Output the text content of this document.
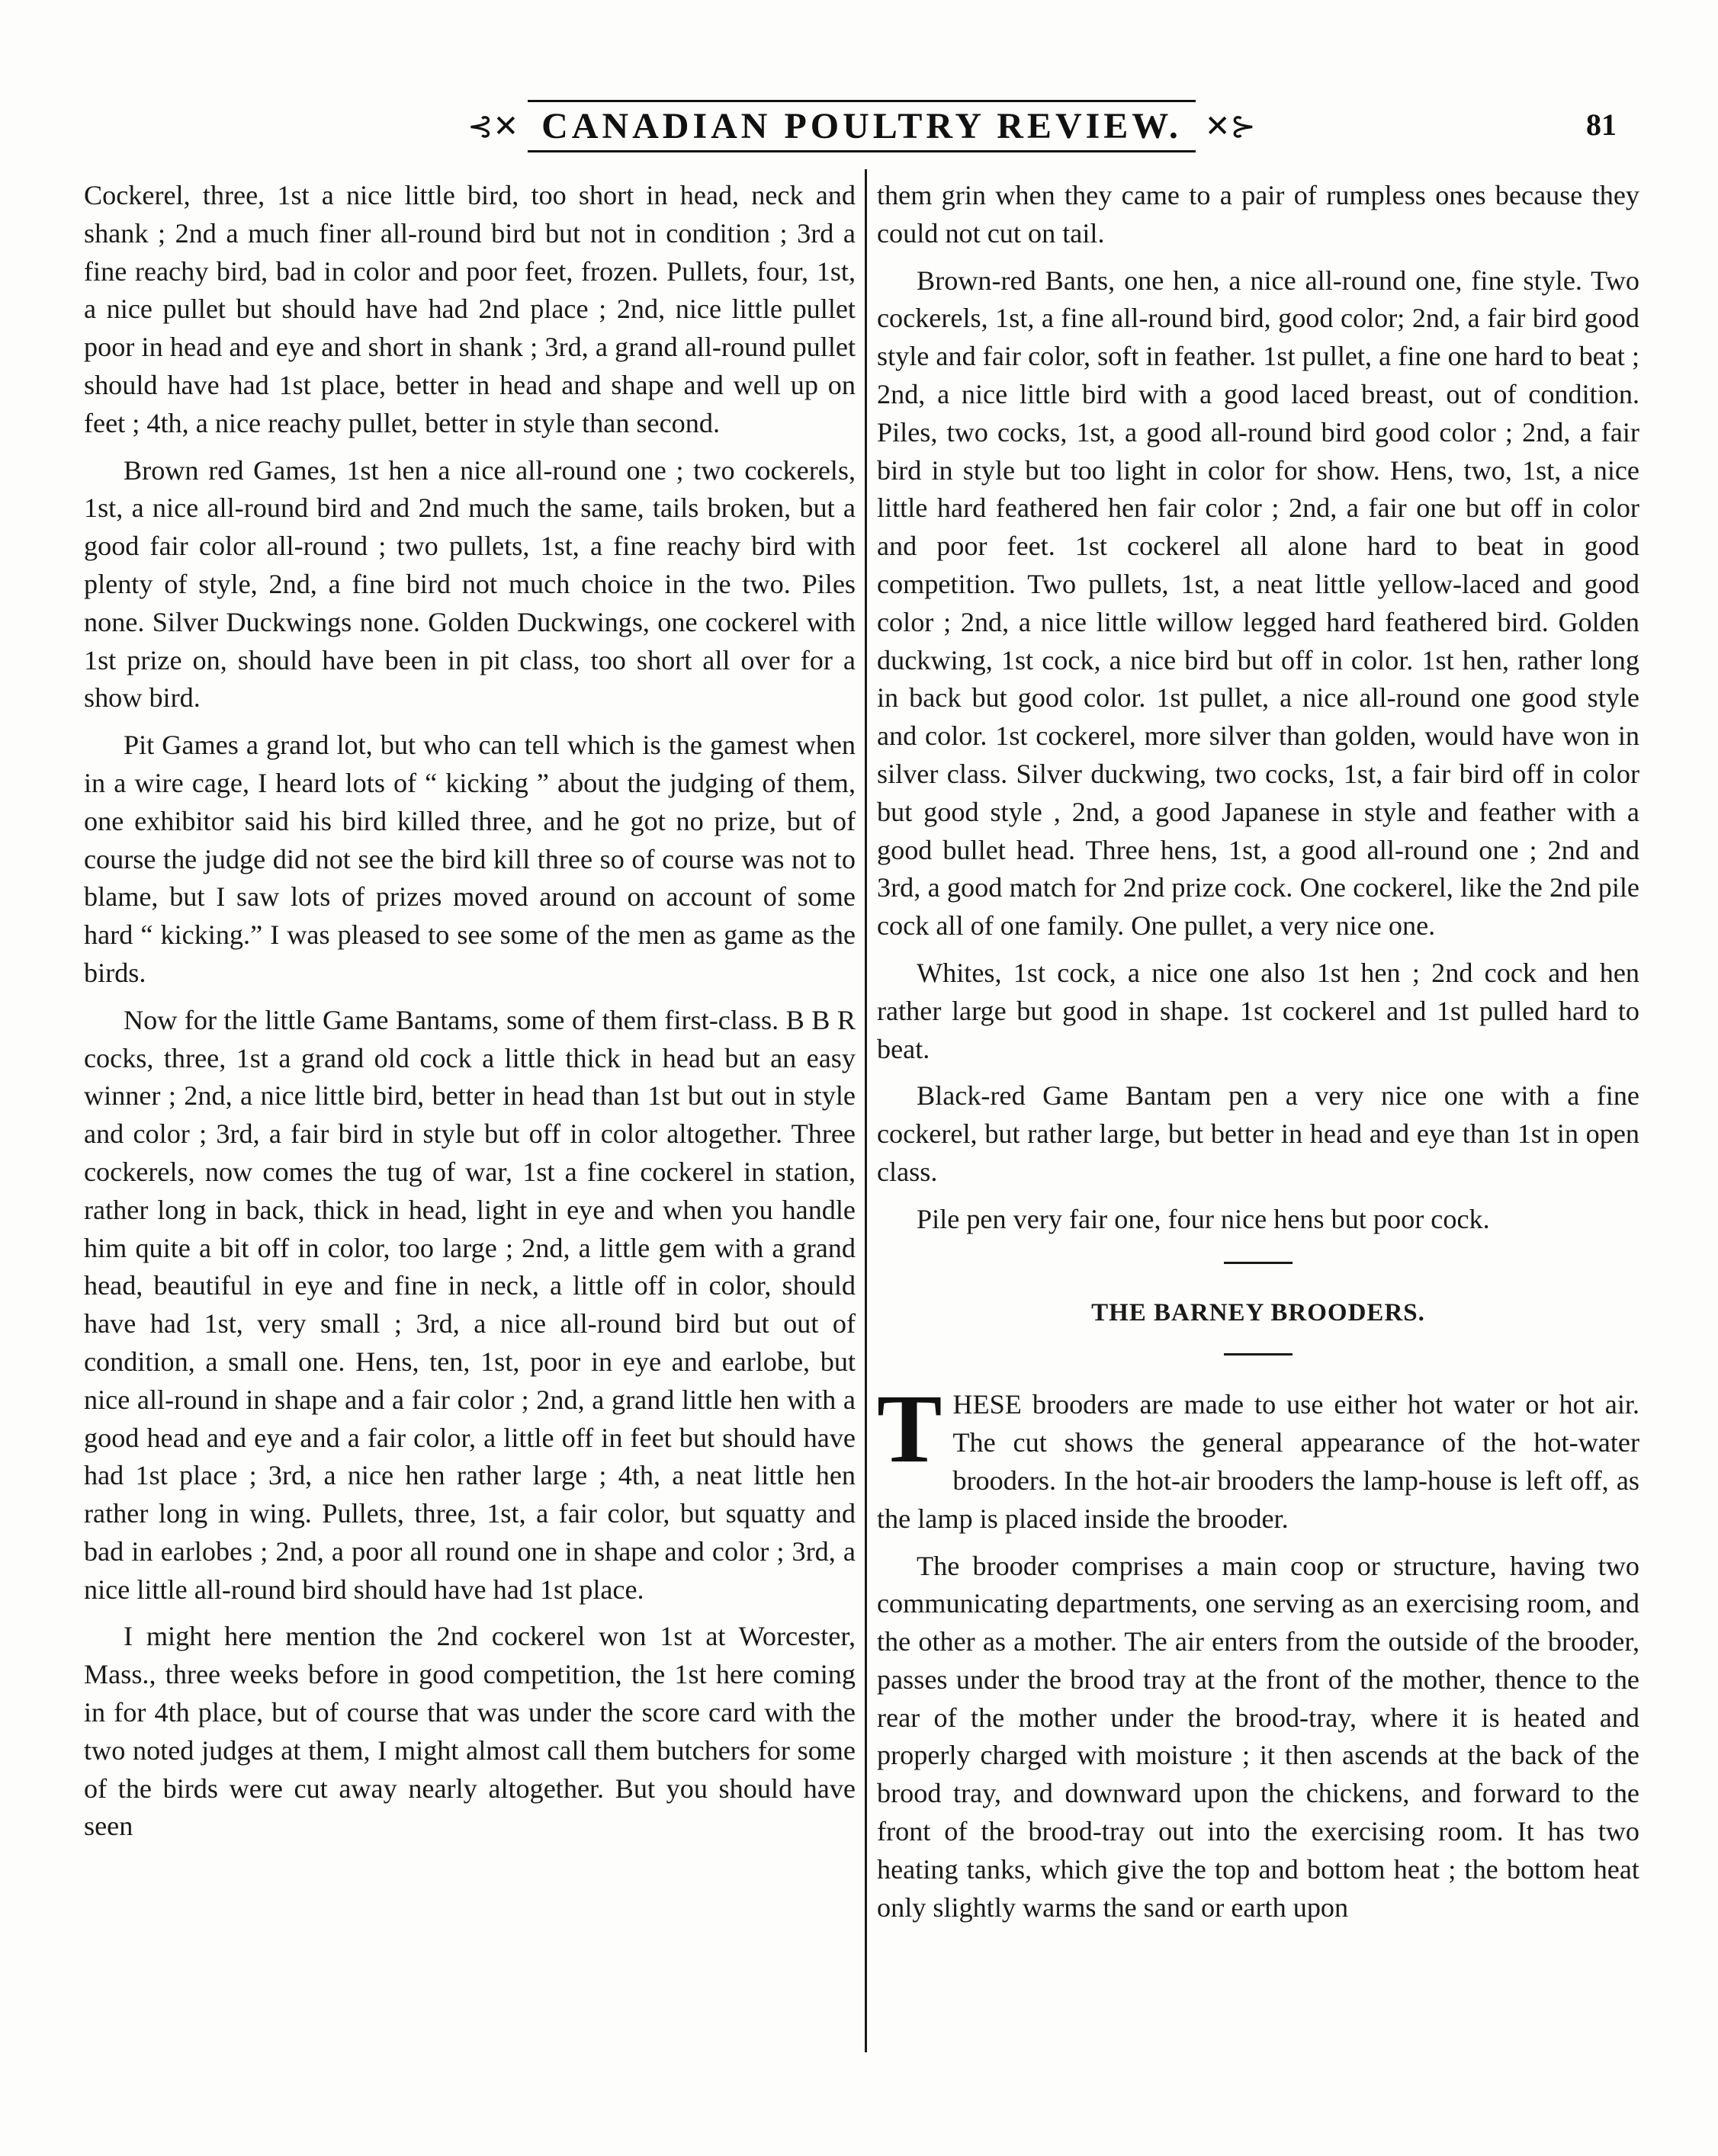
⊰✕ CANADIAN POULTRY REVIEW. ✕⊱	81

Cockerel, three, 1st a nice little bird, too short in head, neck and shank ; 2nd a much finer all-round bird but not in condition ; 3rd a fine reachy bird, bad in color and poor feet, frozen. Pullets, four, 1st, a nice pullet but should have had 2nd place ; 2nd, nice little pullet poor in head and eye and short in shank ; 3rd, a grand all-round pullet should have had 1st place, better in head and shape and well up on feet ; 4th, a nice reachy pullet, better in style than second.

Brown red Games, 1st hen a nice all-round one ; two cockerels, 1st, a nice all-round bird and 2nd much the same, tails broken, but a good fair color all-round ; two pullets, 1st, a fine reachy bird with plenty of style, 2nd, a fine bird not much choice in the two. Piles none. Silver Duckwings none. Golden Duckwings, one cockerel with 1st prize on, should have been in pit class, too short all over for a show bird.

Pit Games a grand lot, but who can tell which is the gamest when in a wire cage, I heard lots of “ kicking ” about the judging of them, one exhibitor said his bird killed three, and he got no prize, but of course the judge did not see the bird kill three so of course was not to blame, but I saw lots of prizes moved around on account of some hard “ kicking.” I was pleased to see some of the men as game as the birds.

Now for the little Game Bantams, some of them first-class. B B R cocks, three, 1st a grand old cock a little thick in head but an easy winner ; 2nd, a nice little bird, better in head than 1st but out in style and color ; 3rd, a fair bird in style but off in color altogether. Three cockerels, now comes the tug of war, 1st a fine cockerel in station, rather long in back, thick in head, light in eye and when you handle him quite a bit off in color, too large ; 2nd, a little gem with a grand head, beautiful in eye and fine in neck, a little off in color, should have had 1st, very small ; 3rd, a nice all-round bird but out of condition, a small one. Hens, ten, 1st, poor in eye and earlobe, but nice all-round in shape and a fair color ; 2nd, a grand little hen with a good head and eye and a fair color, a little off in feet but should have had 1st place ; 3rd, a nice hen rather large ; 4th, a neat little hen rather long in wing. Pullets, three, 1st, a fair color, but squatty and bad in earlobes ; 2nd, a poor all round one in shape and color ; 3rd, a nice little all-round bird should have had 1st place.

I might here mention the 2nd cockerel won 1st at Worcester, Mass., three weeks before in good competition, the 1st here coming in for 4th place, but of course that was under the score card with the two noted judges at them, I might almost call them butchers for some of the birds were cut away nearly altogether. But you should have seen

them grin when they came to a pair of rumpless ones because they could not cut on tail.

Brown-red Bants, one hen, a nice all-round one, fine style. Two cockerels, 1st, a fine all-round bird, good color; 2nd, a fair bird good style and fair color, soft in feather. 1st pullet, a fine one hard to beat ; 2nd, a nice little bird with a good laced breast, out of condition. Piles, two cocks, 1st, a good all-round bird good color ; 2nd, a fair bird in style but too light in color for show. Hens, two, 1st, a nice little hard feathered hen fair color ; 2nd, a fair one but off in color and poor feet. 1st cockerel all alone hard to beat in good competition. Two pullets, 1st, a neat little yellow-laced and good color ; 2nd, a nice little willow legged hard feathered bird. Golden duckwing, 1st cock, a nice bird but off in color. 1st hen, rather long in back but good color. 1st pullet, a nice all-round one good style and color. 1st cockerel, more silver than golden, would have won in silver class. Silver duckwing, two cocks, 1st, a fair bird off in color but good style , 2nd, a good Japanese in style and feather with a good bullet head. Three hens, 1st, a good all-round one ; 2nd and 3rd, a good match for 2nd prize cock. One cockerel, like the 2nd pile cock all of one family. One pullet, a very nice one.

Whites, 1st cock, a nice one also 1st hen ; 2nd cock and hen rather large but good in shape. 1st cockerel and 1st pulled hard to beat.

Black-red Game Bantam pen a very nice one with a fine cockerel, but rather large, but better in head and eye than 1st in open class.

Pile pen very fair one, four nice hens but poor cock.

THE BARNEY BROODERS.

THESE brooders are made to use either hot water or hot air. The cut shows the general appearance of the hot-water brooders. In the hot-air brooders the lamp-house is left off, as the lamp is placed inside the brooder.

The brooder comprises a main coop or structure, having two communicating departments, one serving as an exercising room, and the other as a mother. The air enters from the outside of the brooder, passes under the brood tray at the front of the mother, thence to the rear of the mother under the brood-tray, where it is heated and properly charged with moisture ; it then ascends at the back of the brood tray, and downward upon the chickens, and forward to the front of the brood-tray out into the exercising room. It has two heating tanks, which give the top and bottom heat ; the bottom heat only slightly warms the sand or earth upon
